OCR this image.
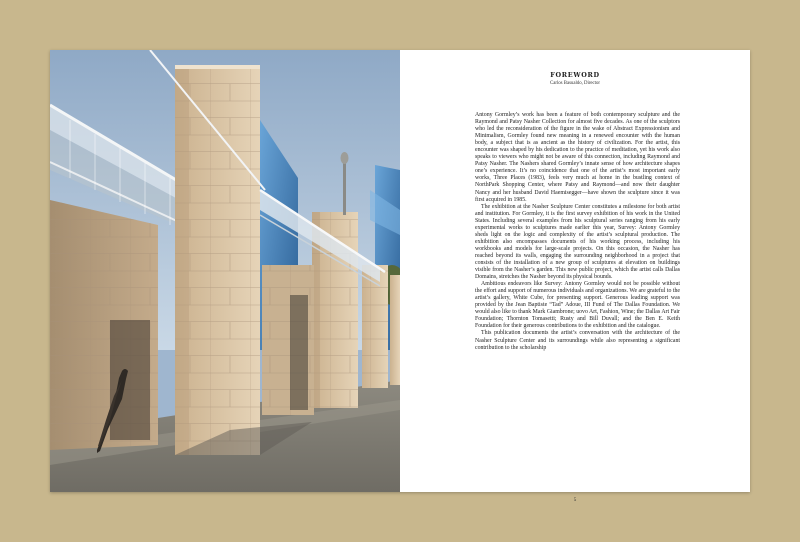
FOREWORD
Carlos Basualdo, Director

Antony Gormley’s work has been a feature of both contemporary sculpture and the Raymond and Patsy Nasher Collection for almost five decades. As one of the sculptors who led the reconsideration of the figure in the wake of Abstract Expressionism and Minimalism, Gormley found new meaning in a renewed encounter with the human body, a subject that is as ancient as the history of civilization. For the artist, this encounter was shaped by his dedication to the practice of meditation, yet his work also speaks to viewers who might not be aware of this connection, including Raymond and Patsy Nasher. The Nashers shared Gormley’s innate sense of how architecture shapes one’s experience. It’s no coincidence that one of the artist’s most important early works, Three Places (1983), feels very much at home in the bustling context of NorthPark Shopping Center, where Patsy and Raymond—and now their daughter Nancy and her husband David Haemisegger—have shown the sculpture since it was first acquired in 1985.

The exhibition at the Nasher Sculpture Center constitutes a milestone for both artist and institution. For Gormley, it is the first survey exhibition of his work in the United States. Including several examples from his sculptural series ranging from his early experimental works to sculptures made earlier this year, Survey: Antony Gormley sheds light on the logic and complexity of the artist’s sculptural production. The exhibition also encompasses documents of his working process, including his workbooks and models for large-scale projects. On this occasion, the Nasher has reached beyond its walls, engaging the surrounding neighborhood in a project that consists of the installation of a new group of sculptures at elevation on buildings visible from the Nasher’s garden. This new public project, which the artist calls Dallas Domains, stretches the Nasher beyond its physical bounds.

Ambitious endeavors like Survey: Antony Gormley would not be possible without the effort and support of numerous individuals and organizations. We are grateful to the artist’s gallery, White Cube, for presenting support. Generous leading support was provided by the Jean Baptiste “Tad” Adoue, III Fund of The Dallas Foundation. We would also like to thank Mark Giambrone; uovo Art, Fashion, Wine; the Dallas Art Fair Foundation; Thornton Tomasetti; Rusty and Bill Duvall; and the Ben E. Keith Foundation for their generous contributions to the exhibition and the catalogue.

This publication documents the artist’s conversation with the architecture of the Nasher Sculpture Center and its surroundings while also representing a significant contribution to the scholarship

5
